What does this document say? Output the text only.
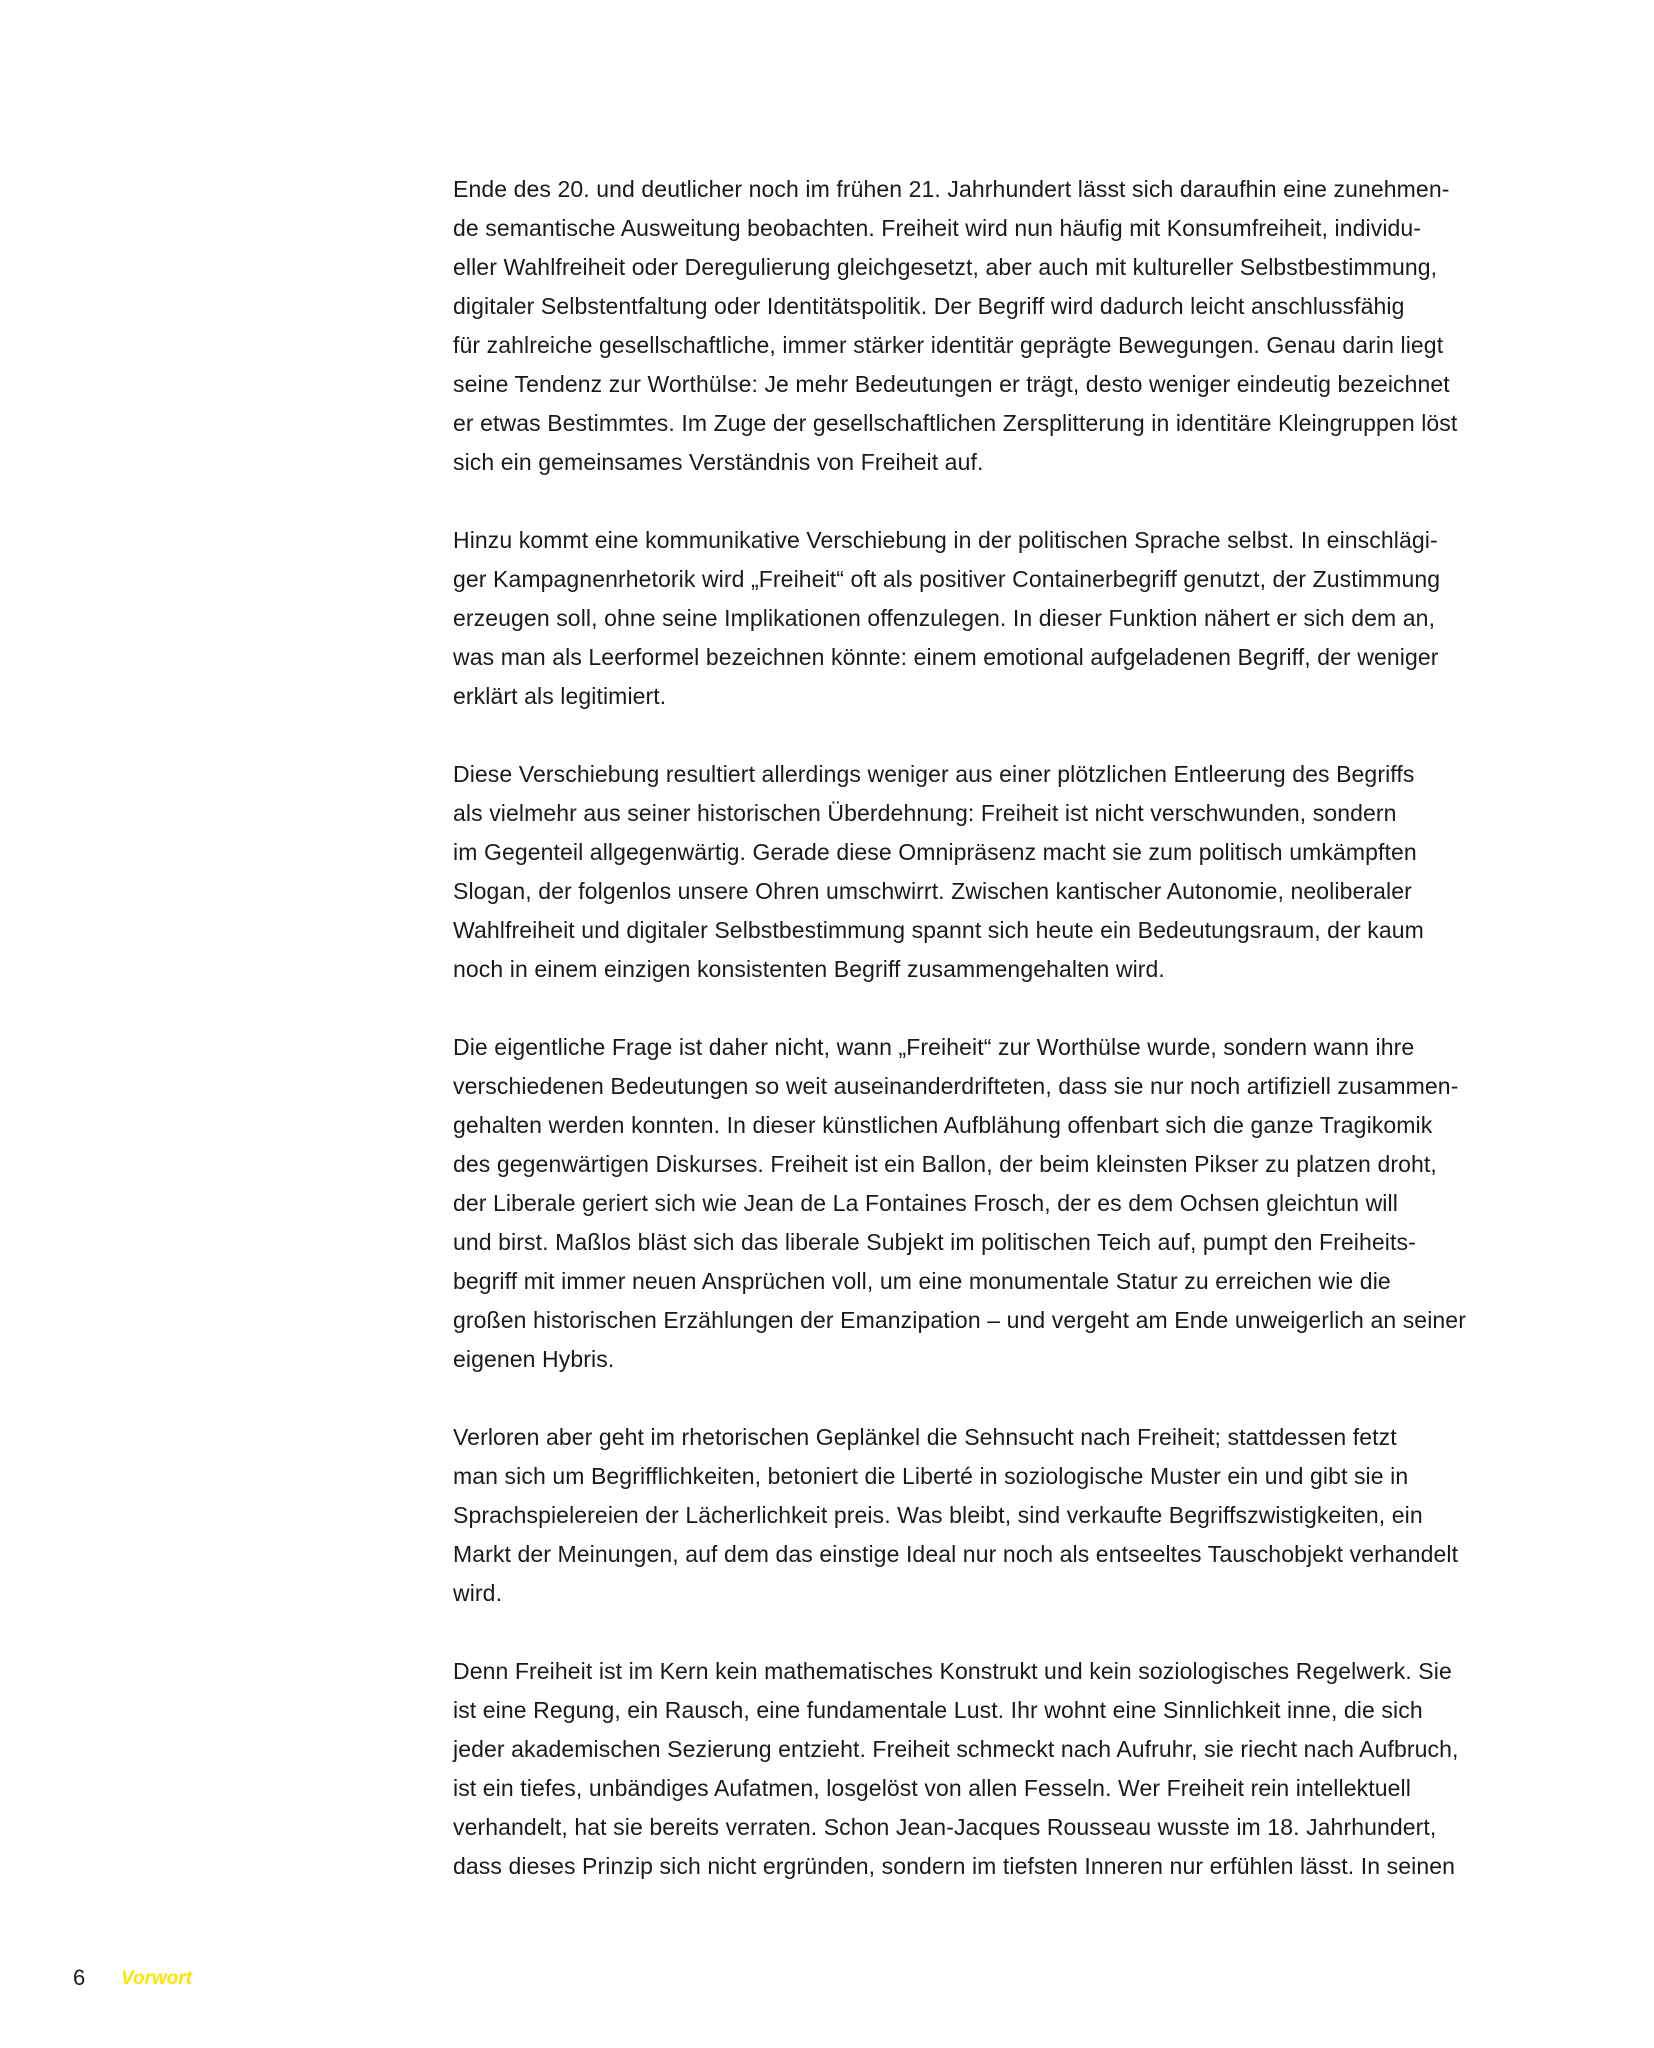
Ende des 20. und deutlicher noch im frühen 21. Jahrhundert lässt sich daraufhin eine zunehmen-
de semantische Ausweitung beobachten. Freiheit wird nun häufig mit Konsumfreiheit, individu-
eller Wahlfreiheit oder Deregulierung gleichgesetzt, aber auch mit kultureller Selbstbestimmung,
digitaler Selbstentfaltung oder Identitätspolitik. Der Begriff wird dadurch leicht anschlussfähig
für zahlreiche gesellschaftliche, immer stärker identitär geprägte Bewegungen. Genau darin liegt
seine Tendenz zur Worthülse: Je mehr Bedeutungen er trägt, desto weniger eindeutig bezeichnet
er etwas Bestimmtes. Im Zuge der gesellschaftlichen Zersplitterung in identitäre Kleingruppen löst
sich ein gemeinsames Verständnis von Freiheit auf.

Hinzu kommt eine kommunikative Verschiebung in der politischen Sprache selbst. In einschlägi-
ger Kampagnenrhetorik wird „Freiheit“ oft als positiver Containerbegriff genutzt, der Zustimmung
erzeugen soll, ohne seine Implikationen offenzulegen. In dieser Funktion nähert er sich dem an,
was man als Leerformel bezeichnen könnte: einem emotional aufgeladenen Begriff, der weniger
erklärt als legitimiert.

Diese Verschiebung resultiert allerdings weniger aus einer plötzlichen Entleerung des Begriffs
als vielmehr aus seiner historischen Überdehnung: Freiheit ist nicht verschwunden, sondern
im Gegenteil allgegenwärtig. Gerade diese Omnipräsenz macht sie zum politisch umkämpften
Slogan, der folgenlos unsere Ohren umschwirrt. Zwischen kantischer Autonomie, neoliberaler
Wahlfreiheit und digitaler Selbstbestimmung spannt sich heute ein Bedeutungsraum, der kaum
noch in einem einzigen konsistenten Begriff zusammengehalten wird.

Die eigentliche Frage ist daher nicht, wann „Freiheit“ zur Worthülse wurde, sondern wann ihre
verschiedenen Bedeutungen so weit auseinanderdrifteten, dass sie nur noch artifiziell zusammen-
gehalten werden konnten. In dieser künstlichen Aufblähung offenbart sich die ganze Tragikomik
des gegenwärtigen Diskurses. Freiheit ist ein Ballon, der beim kleinsten Pikser zu platzen droht,
der Liberale geriert sich wie Jean de La Fontaines Frosch, der es dem Ochsen gleichtun will
und birst. Maßlos bläst sich das liberale Subjekt im politischen Teich auf, pumpt den Freiheits-
begriff mit immer neuen Ansprüchen voll, um eine monumentale Statur zu erreichen wie die
großen historischen Erzählungen der Emanzipation – und vergeht am Ende unweigerlich an seiner
eigenen Hybris.

Verloren aber geht im rhetorischen Geplänkel die Sehnsucht nach Freiheit; stattdessen fetzt
man sich um Begrifflichkeiten, betoniert die Liberté in soziologische Muster ein und gibt sie in
Sprachspielereien der Lächerlichkeit preis. Was bleibt, sind verkaufte Begriffszwistigkeiten, ein
Markt der Meinungen, auf dem das einstige Ideal nur noch als entseeltes Tauschobjekt verhandelt
wird.

Denn Freiheit ist im Kern kein mathematisches Konstrukt und kein soziologisches Regelwerk. Sie
ist eine Regung, ein Rausch, eine fundamentale Lust. Ihr wohnt eine Sinnlichkeit inne, die sich
jeder akademischen Sezierung entzieht. Freiheit schmeckt nach Aufruhr, sie riecht nach Aufbruch,
ist ein tiefes, unbändiges Aufatmen, losgelöst von allen Fesseln. Wer Freiheit rein intellektuell
verhandelt, hat sie bereits verraten. Schon Jean-Jacques Rousseau wusste im 18. Jahrhundert,
dass dieses Prinzip sich nicht ergründen, sondern im tiefsten Inneren nur erfühlen lässt. In seinen

6 Vorwort
